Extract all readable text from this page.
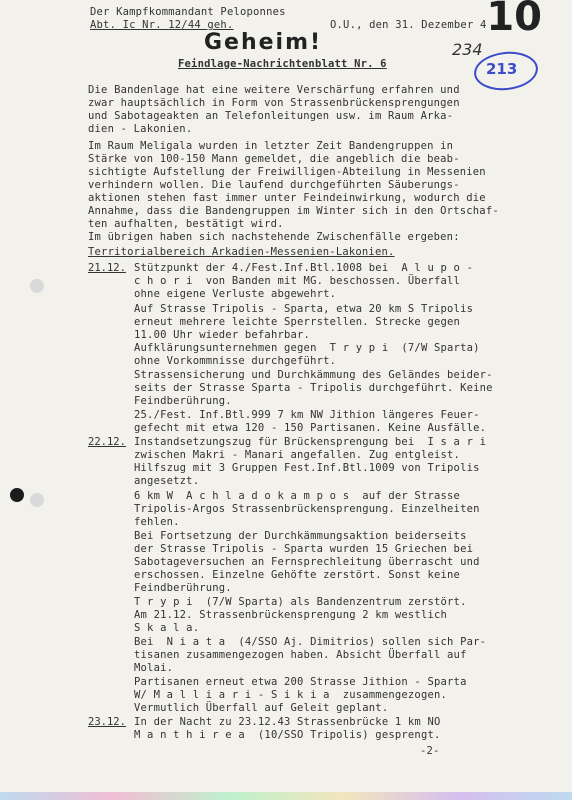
Der Kampfkommandant Peloponnes
Abt. Ic Nr. 12/44 geh.	O.U., den 31. Dezember 4 10
234
213
Geheim!
Feindlage-Nachrichtenblatt Nr. 6
Die Bandenlage hat eine weitere Verschärfung erfahren und
zwar hauptsächlich in Form von Strassenbrückensprengungen
und Sabotageakten an Telefonleitungen usw. im Raum Arka-
dien - Lakonien.
Im Raum Meligala wurden in letzter Zeit Bandengruppen in
Stärke von 100-150 Mann gemeldet, die angeblich die beab-
sichtigte Aufstellung der Freiwilligen-Abteilung in Messenien
verhindern wollen. Die laufend durchgeführten Säuberungs-
aktionen stehen fast immer unter Feindeinwirkung, wodurch die
Annahme, dass die Bandengruppen im Winter sich in den Ortschaf-
ten aufhalten, bestätigt wird.
Im übrigen haben sich nachstehende Zwischenfälle ergeben:
Territorialbereich Arkadien-Messenien-Lakonien.
21.12. Stützpunkt der 4./Fest.Inf.Btl.1008 bei  A l u p o -
c h o r i  von Banden mit MG. beschossen. Überfall
ohne eigene Verluste abgewehrt.
Auf Strasse Tripolis - Sparta, etwa 20 km S Tripolis
erneut mehrere leichte Sperrstellen. Strecke gegen
11.00 Uhr wieder befahrbar.
Aufklärungsunternehmen gegen  T r y p i  (7/W Sparta)
ohne Vorkommnisse durchgeführt.
Strassensicherung und Durchkämmung des Geländes beider-
seits der Strasse Sparta - Tripolis durchgeführt. Keine
Feindberührung.
25./Fest. Inf.Btl.999 7 km NW Jithion längeres Feuer-
gefecht mit etwa 120 - 150 Partisanen. Keine Ausfälle.
22.12. Instandsetzungszug für Brückensprengung bei  I s a r i
zwischen Makri - Manari angefallen. Zug entgleist.
Hilfszug mit 3 Gruppen Fest.Inf.Btl.1009 von Tripolis
angesetzt.
6 km W  A c h l a d o k a m p o s  auf der Strasse
Tripolis-Argos Strassenbrückensprengung. Einzelheiten
fehlen.
Bei Fortsetzung der Durchkämmungsaktion beiderseits
der Strasse Tripolis - Sparta wurden 15 Griechen bei
Sabotageversuchen an Fernsprechleitung überrascht und
erschossen. Einzelne Gehöfte zerstört. Sonst keine
Feindberührung.
T r y p i  (7/W Sparta) als Bandenzentrum zerstört.
Am 21.12. Strassenbrückensprengung 2 km westlich
S k a l a.
Bei  N i a t a  (4/SSO Aj. Dimitrios) sollen sich Par-
tisanen zusammengezogen haben. Absicht Überfall auf
Molai.
Partisanen erneut etwa 200 Strasse Jithion - Sparta
W/ M a l l i a r i - S i k i a  zusammengezogen.
Vermutlich Überfall auf Geleit geplant.
23.12. In der Nacht zu 23.12.43 Strassenbrücke 1 km NO
M a n t h i r e a  (10/SSO Tripolis) gesprengt.
-2-
